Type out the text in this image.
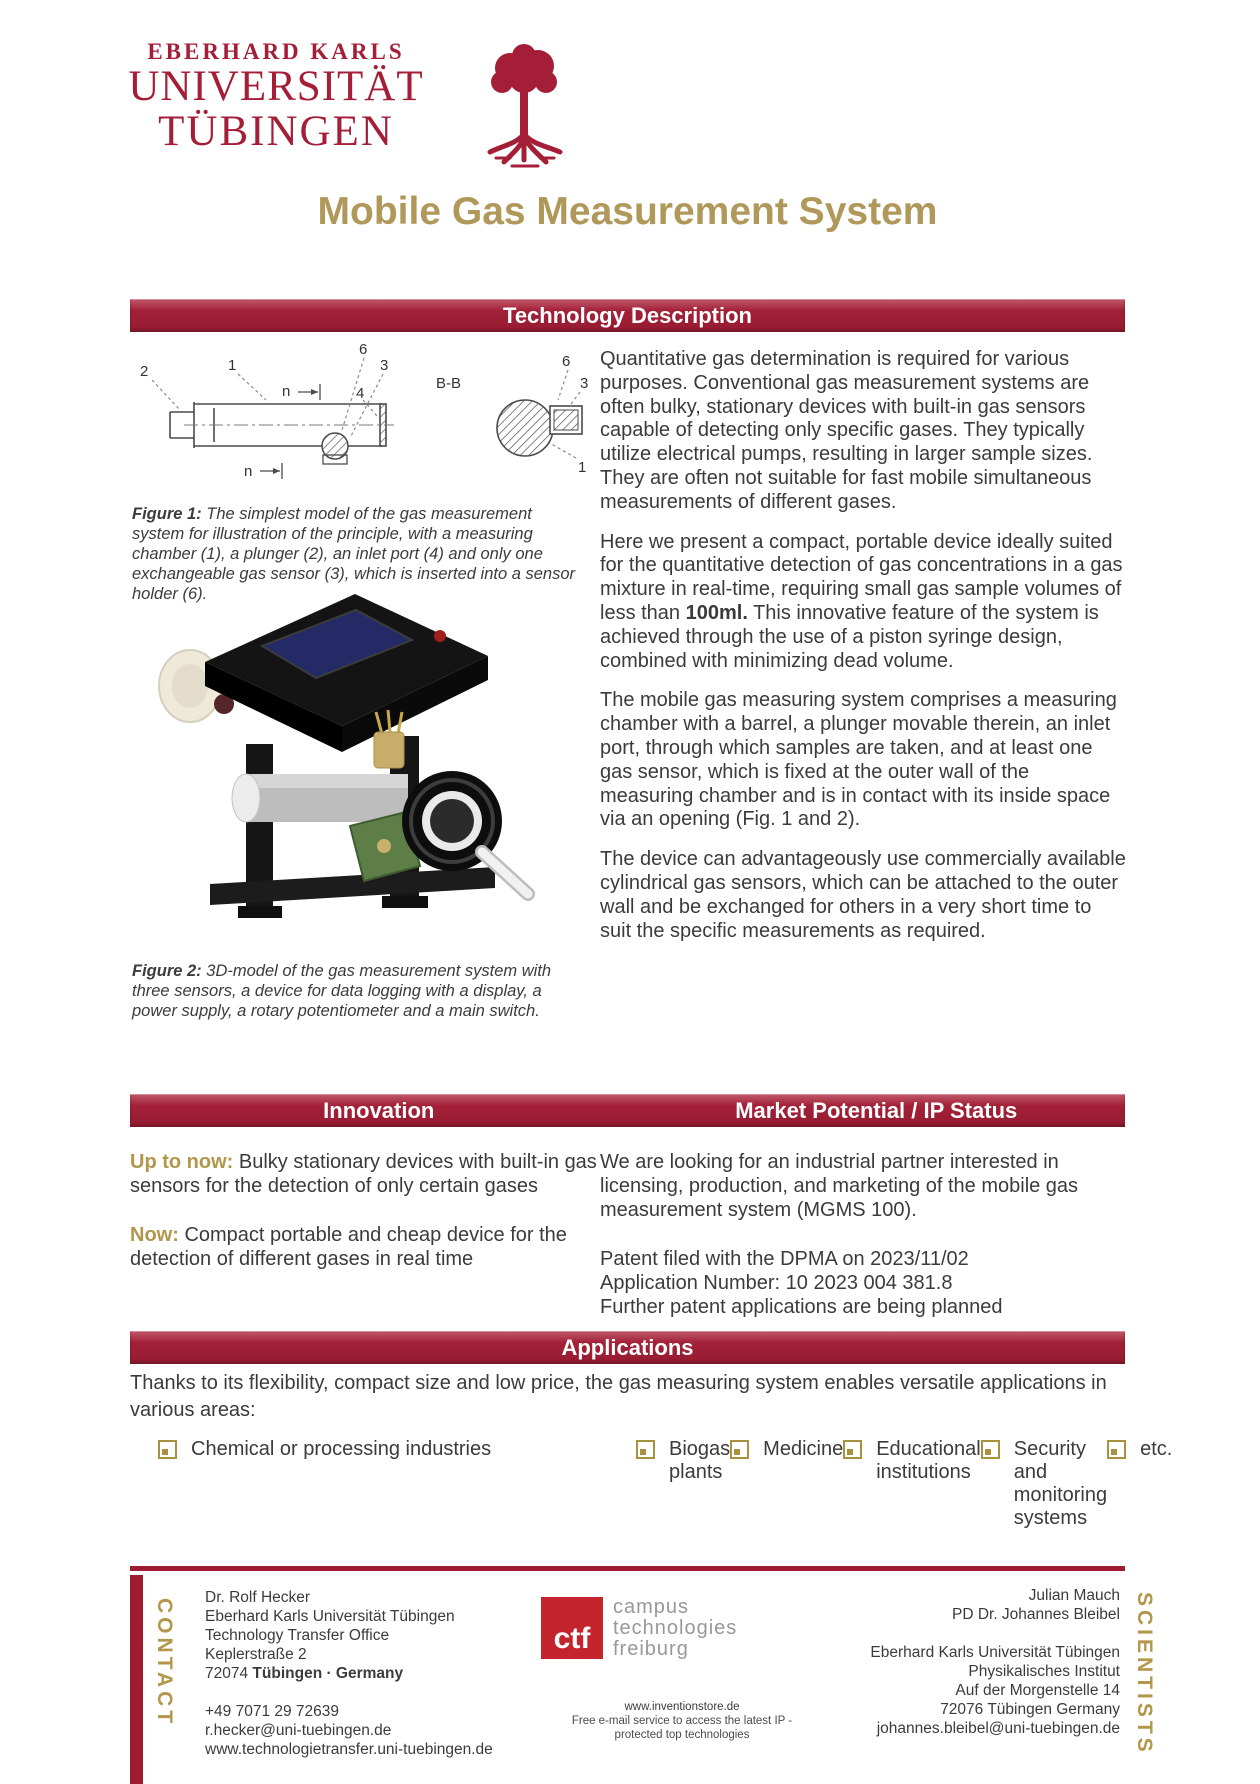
EBERHARD KARLS
UNIVERSITÄT
TÜBINGEN
Mobile Gas Measurement System
Technology Description
2	1
6
3
4
n
n
B-B
6
3
1

Figure 1: The simplest model of the gas measurement system for illustration of the principle, with a measuring chamber (1), a plunger (2), an inlet port (4) and only one exchangeable gas sensor (3), which is inserted into a sensor holder (6).

Figure 2: 3D-model of the gas measurement system with three sensors, a device for data logging with a display, a power supply, a rotary potentiometer and a main switch.

Quantitative gas determination is required for various purposes. Conventional gas measurement systems are often bulky, stationary devices with built-in gas sensors capable of detecting only specific gases. They typically utilize electrical pumps, resulting in larger sample sizes. They are often not suitable for fast mobile simultaneous measurements of different gases.

Here we present a compact, portable device ideally suited for the quantitative detection of gas concentrations in a gas mixture in real-time, requiring small gas sample volumes of less than 100ml. This innovative feature of the system is achieved through the use of a piston syringe design, combined with minimizing dead volume.

The mobile gas measuring system comprises a measuring chamber with a barrel, a plunger movable therein, an inlet port, through which samples are taken, and at least one gas sensor, which is fixed at the outer wall of the measuring chamber and is in contact with its inside space via an opening (Fig. 1 and 2).

The device can advantageously use commercially available cylindrical gas sensors, which can be attached to the outer wall and be exchanged for others in a very short time to suit the specific measurements as required.

Innovation	Market Potential / IP Status

Up to now: Bulky stationary devices with built-in gas sensors for the detection of only certain gases

Now: Compact portable and cheap device for the detection of different gases in real time

We are looking for an industrial partner interested in licensing, production, and marketing of the mobile gas measurement system (MGMS 100).

Patent filed with the DPMA on 2023/11/02
Application Number: 10 2023 004 381.8
Further patent applications are being planned

Applications

Thanks to its flexibility, compact size and low price, the gas measuring system enables versatile applications in various areas:

Chemical or processing industries	Biogas plants
Medicine Educational institutions
Security and monitoring systems
etc.
CONTACT
Dr. Rolf Hecker
Eberhard Karls Universität Tübingen
Technology Transfer Office
Keplerstraße 2
72074 Tübingen · Germany
+49 7071 29 72639
r.hecker@uni-tuebingen.de
www.technologietransfer.uni-tuebingen.de
ctf
campus
technologies
freiburg
www.inventionstore.de
Free e-mail service to access the latest IP -
protected top technologies
Julian Mauch
PD Dr. Johannes Bleibel
Eberhard Karls Universität Tübingen
Physikalisches Institut
Auf der Morgenstelle 14
72076 Tübingen Germany
johannes.bleibel@uni-tuebingen.de SCIENTISTS
